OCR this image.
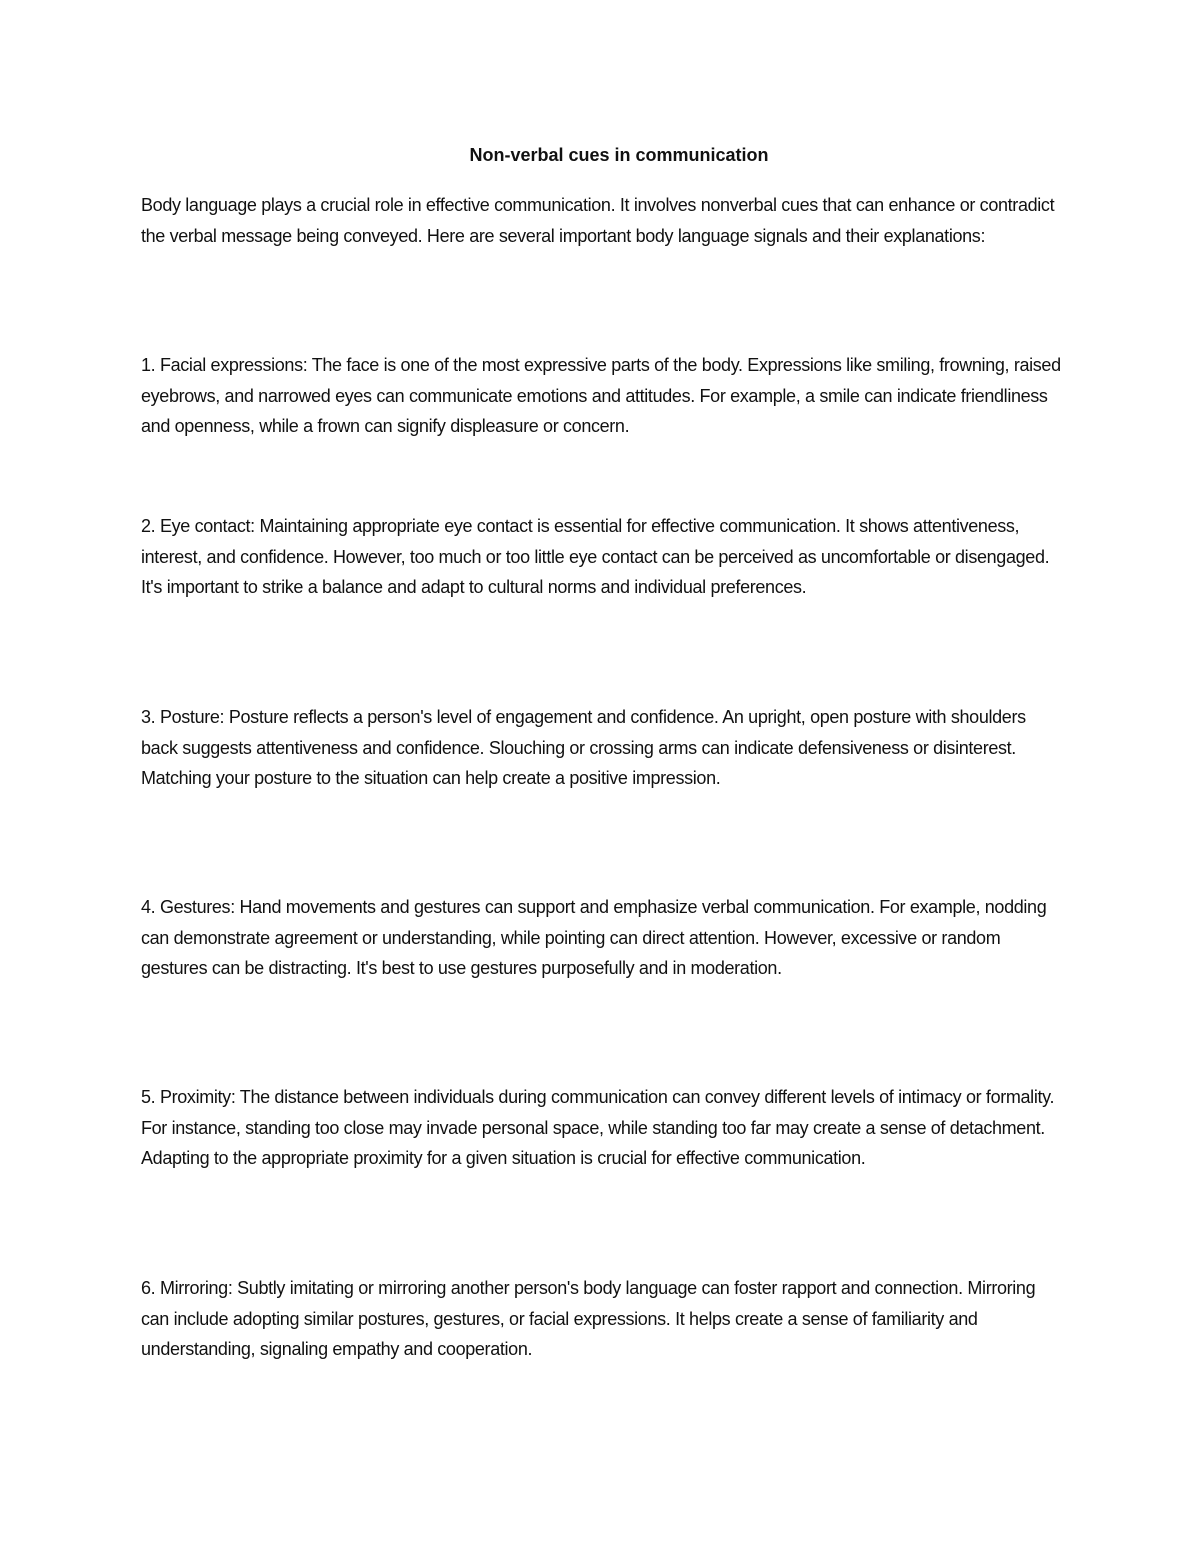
Non-verbal cues in communication

Body language plays a crucial role in effective communication. It involves nonverbal cues that can enhance or contradict the verbal message being conveyed. Here are several important body language signals and their explanations:

1. Facial expressions: The face is one of the most expressive parts of the body. Expressions like smiling, frowning, raised eyebrows, and narrowed eyes can communicate emotions and attitudes. For example, a smile can indicate friendliness and openness, while a frown can signify displeasure or concern.

2. Eye contact: Maintaining appropriate eye contact is essential for effective communication. It shows attentiveness, interest, and confidence. However, too much or too little eye contact can be perceived as uncomfortable or disengaged. It's important to strike a balance and adapt to cultural norms and individual preferences.

3. Posture: Posture reflects a person's level of engagement and confidence. An upright, open posture with shoulders back suggests attentiveness and confidence. Slouching or crossing arms can indicate defensiveness or disinterest. Matching your posture to the situation can help create a positive impression.

4. Gestures: Hand movements and gestures can support and emphasize verbal communication. For example, nodding can demonstrate agreement or understanding, while pointing can direct attention. However, excessive or random gestures can be distracting. It's best to use gestures purposefully and in moderation.

5. Proximity: The distance between individuals during communication can convey different levels of intimacy or formality. For instance, standing too close may invade personal space, while standing too far may create a sense of detachment. Adapting to the appropriate proximity for a given situation is crucial for effective communication.

6. Mirroring: Subtly imitating or mirroring another person's body language can foster rapport and connection. Mirroring can include adopting similar postures, gestures, or facial expressions. It helps create a sense of familiarity and understanding, signaling empathy and cooperation.
